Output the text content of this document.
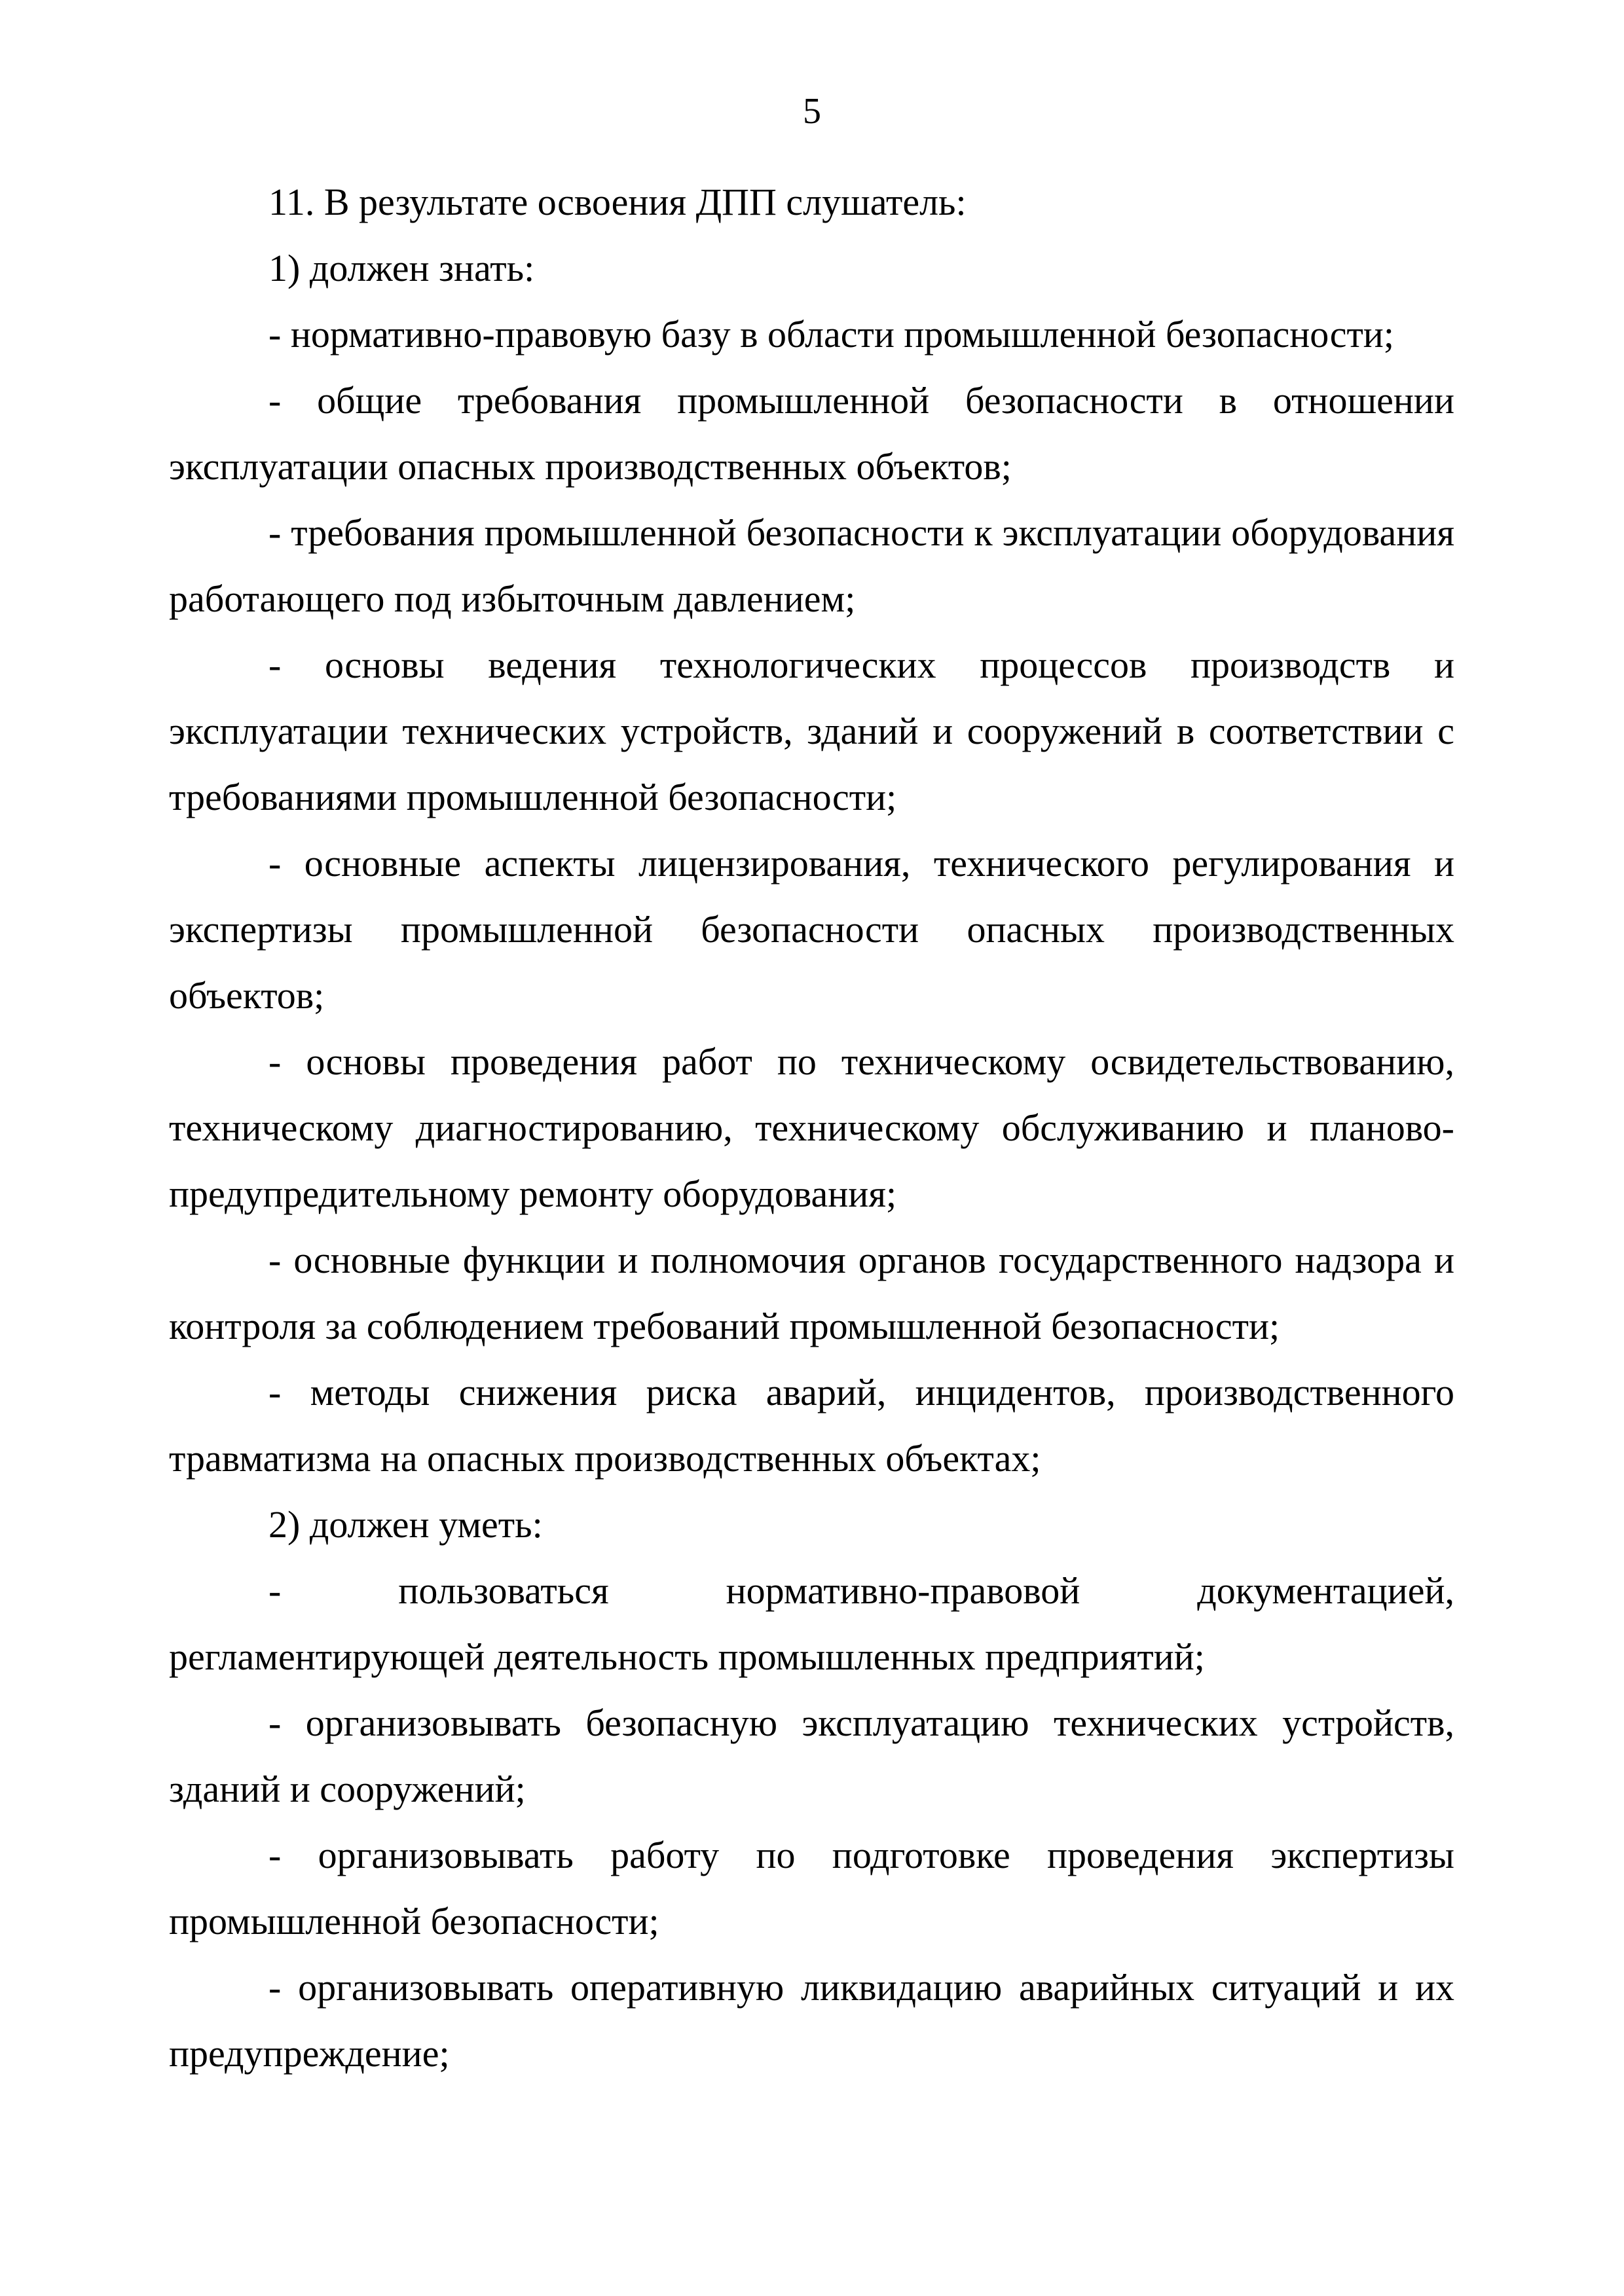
5

11. В результате освоения ДПП слушатель:

1) должен знать:

- нормативно-правовую базу в области промышленной безопасности;

- общие требования промышленной безопасности в отношении эксплуатации опасных производственных объектов;

- требования промышленной безопасности к эксплуатации оборудования работающего под избыточным давлением;

- основы ведения технологических процессов производств и эксплуатации технических устройств, зданий и сооружений в соответствии с требованиями промышленной безопасности;

- основные аспекты лицензирования, технического регулирования и экспертизы промышленной безопасности опасных производственных объектов;

- основы проведения работ по техническому освидетельствованию, техническому диагностированию, техническому обслуживанию и планово-предупредительному ремонту оборудования;

- основные функции и полномочия органов государственного надзора и контроля за соблюдением требований промышленной безопасности;

- методы снижения риска аварий, инцидентов, производственного травматизма на опасных производственных объектах;

2) должен уметь:

- пользоваться нормативно-правовой документацией, регламентирующей деятельность промышленных предприятий;

- организовывать безопасную эксплуатацию технических устройств, зданий и сооружений;

- организовывать работу по подготовке проведения экспертизы промышленной безопасности;

- организовывать оперативную ликвидацию аварийных ситуаций и их предупреждение;
